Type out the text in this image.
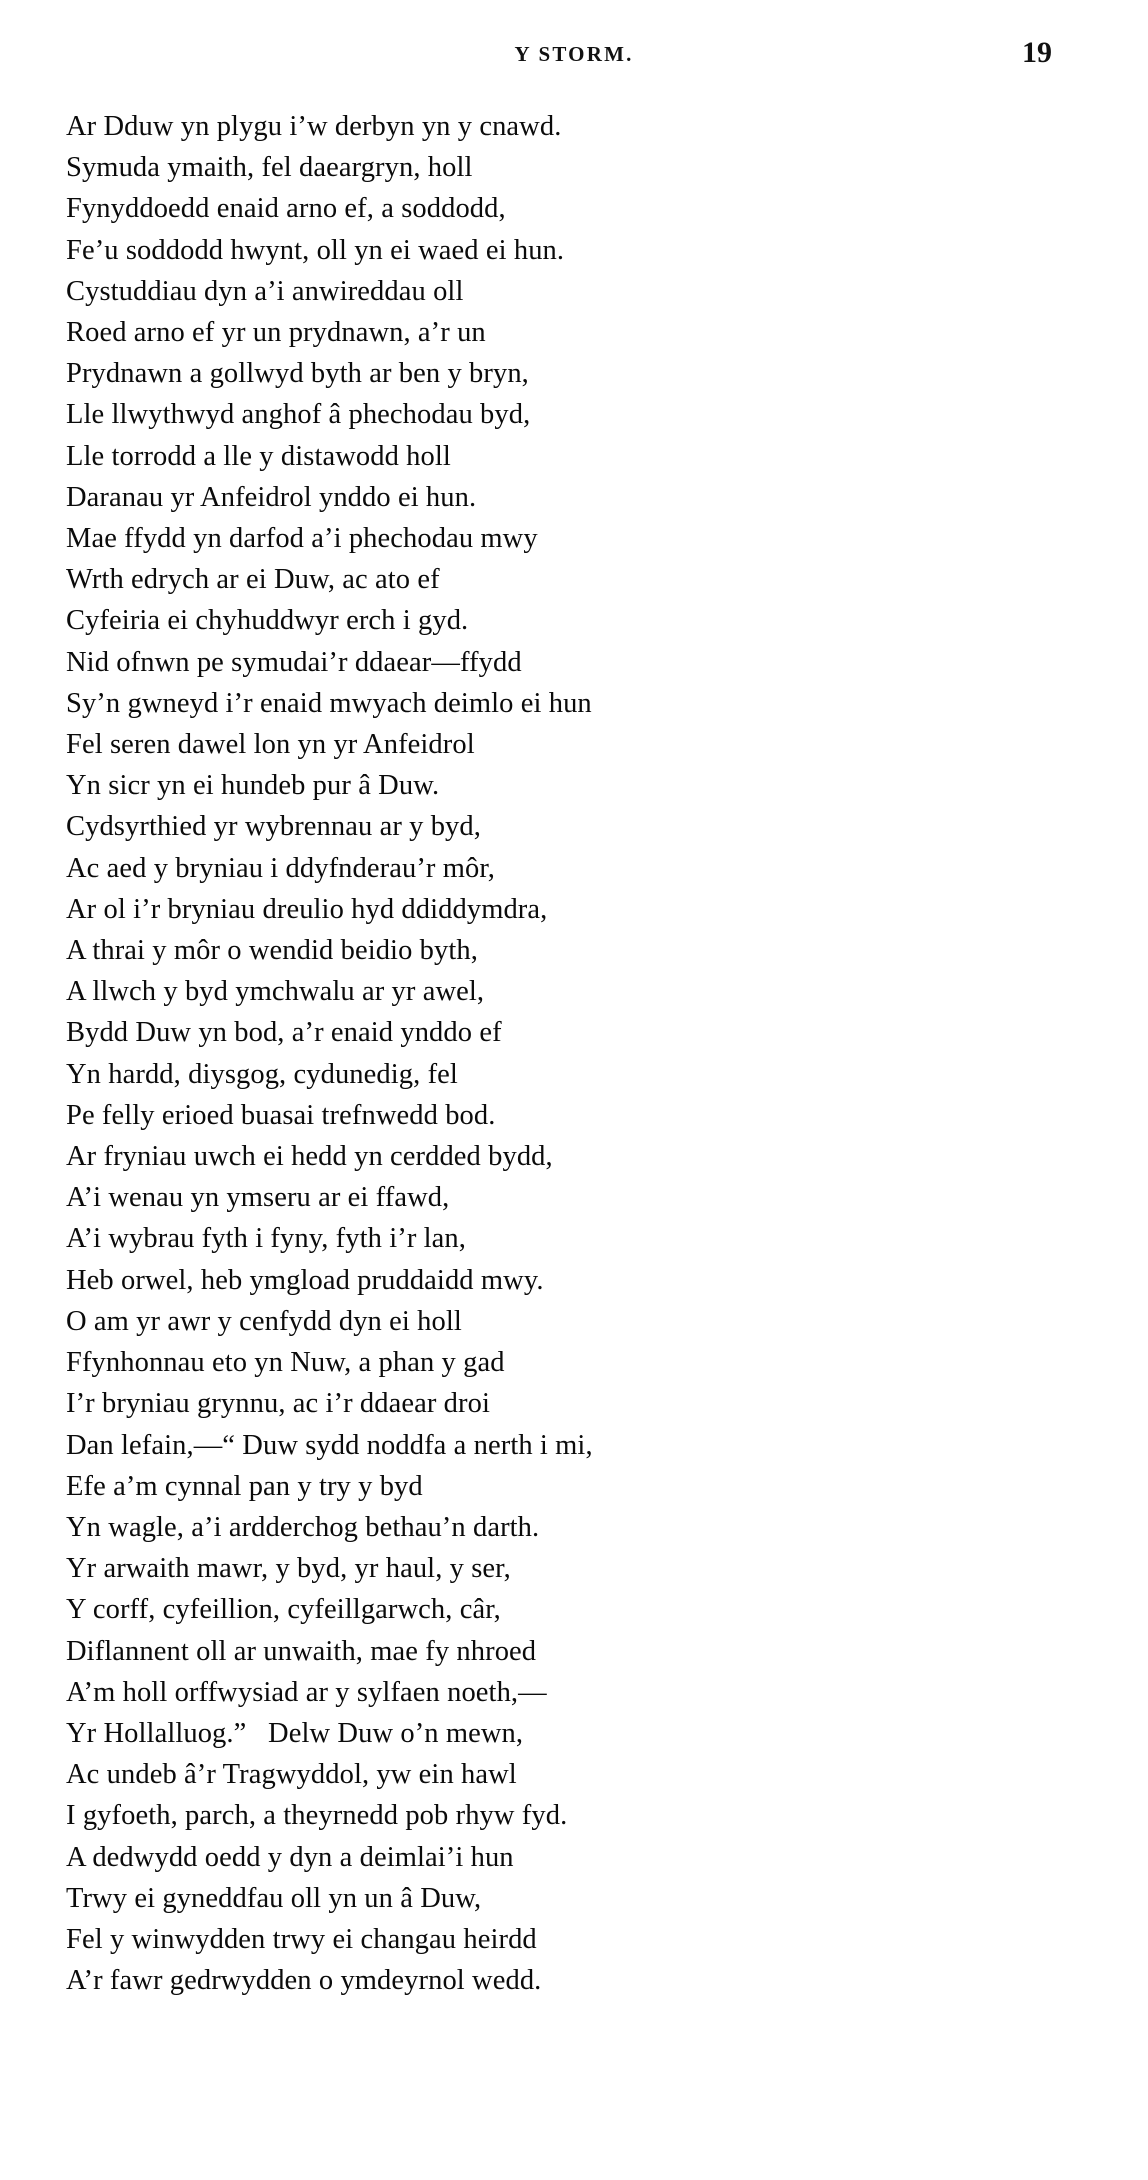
Y STORM.	19
Ar Dduw yn plygu i’w derbyn yn y cnawd.
Symuda ymaith, fel daeargryn, holl
Fynyddoedd enaid arno ef, a soddodd,
Fe’u soddodd hwynt, oll yn ei waed ei hun.
Cystuddiau dyn a’i anwireddau oll
Roed arno ef yr un prydnawn, a’r un
Prydnawn a gollwyd byth ar ben y bryn,
Lle llwythwyd anghof â phechodau byd,
Lle torrodd a lle y distawodd holl
Daranau yr Anfeidrol ynddo ei hun.
Mae ffydd yn darfod a’i phechodau mwy
Wrth edrych ar ei Duw, ac ato ef
Cyfeiria ei chyhuddwyr erch i gyd.
Nid ofnwn pe symudai’r ddaear—ffydd
Sy’n gwneyd i’r enaid mwyach deimlo ei hun
Fel seren dawel lon yn yr Anfeidrol
Yn sicr yn ei hundeb pur â Duw.
Cydsyrthied yr wybrennau ar y byd,
Ac aed y bryniau i ddyfnderau’r môr,
Ar ol i’r bryniau dreulio hyd ddiddymdra,
A thrai y môr o wendid beidio byth,
A llwch y byd ymchwalu ar yr awel,
Bydd Duw yn bod, a’r enaid ynddo ef
Yn hardd, diysgog, cydunedig, fel
Pe felly erioed buasai trefnwedd bod.
Ar fryniau uwch ei hedd yn cerdded bydd,
A’i wenau yn ymseru ar ei ffawd,
A’i wybrau fyth i fyny, fyth i’r lan,
Heb orwel, heb ymgload pruddaidd mwy.
O am yr awr y cenfydd dyn ei holl
Ffynhonnau eto yn Nuw, a phan y gad
I’r bryniau grynnu, ac i’r ddaear droi
Dan lefain,—“ Duw sydd noddfa a nerth i mi,
Efe a’m cynnal pan y try y byd
Yn wagle, a’i ardderchog bethau’n darth.
Yr arwaith mawr, y byd, yr haul, y ser,
Y corff, cyfeillion, cyfeillgarwch, câr,
Diflannent oll ar unwaith, mae fy nhroed
A’m holl orffwysiad ar y sylfaen noeth,—
Yr Hollalluog.”   Delw Duw o’n mewn,
Ac undeb â’r Tragwyddol, yw ein hawl
I gyfoeth, parch, a theyrnedd pob rhyw fyd.
A dedwydd oedd y dyn a deimlai’i hun
Trwy ei gyneddfau oll yn un â Duw,
Fel y winwydden trwy ei changau heirdd
A’r fawr gedrwydden o ymdeyrnol wedd.
